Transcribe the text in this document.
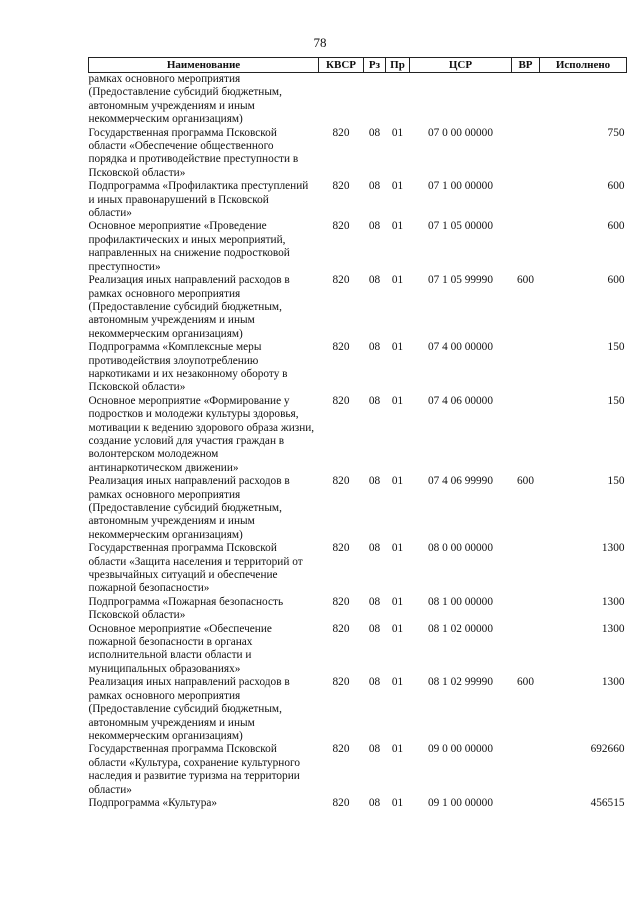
78
Наименование	КВСР	Рз	Пр	ЦСР	ВР	Исполнено
рамках основного мероприятия (Предоставление субсидий бюджетным, автономным учреждениям и иным некоммерческим организациям)						
Государственная программа Псковской области «Обеспечение общественного порядка и противодействие преступности в Псковской области»	820	08	01	07 0 00 00000		750
Подпрограмма «Профилактика преступлений и иных правонарушений в Псковской области»	820	08	01	07 1 00 00000		600
Основное мероприятие «Проведение профилактических и иных мероприятий, направленных на снижение подростковой преступности»	820	08	01	07 1 05 00000		600
Реализация иных направлений расходов в рамках основного мероприятия (Предоставление субсидий бюджетным, автономным учреждениям и иным некоммерческим организациям)	820	08	01	07 1 05 99990	600	600
Подпрограмма «Комплексные меры противодействия злоупотреблению наркотиками и их незаконному обороту в Псковской области»	820	08	01	07 4 00 00000		150
Основное мероприятие «Формирование у подростков и молодежи культуры здоровья, мотивации к ведению здорового образа жизни, создание условий для участия граждан в волонтерском молодежном антинаркотическом движении»	820	08	01	07 4 06 00000		150
Реализация иных направлений расходов в рамках основного мероприятия (Предоставление субсидий бюджетным, автономным учреждениям и иным некоммерческим организациям)	820	08	01	07 4 06 99990	600	150
Государственная программа Псковской области «Защита населения и территорий от чрезвычайных ситуаций и обеспечение пожарной безопасности»	820	08	01	08 0 00 00000		1300
Подпрограмма «Пожарная безопасность Псковской области»	820	08	01	08 1 00 00000		1300
Основное мероприятие «Обеспечение пожарной безопасности в органах исполнительной власти области и муниципальных образованиях»	820	08	01	08 1 02 00000		1300
Реализация иных направлений расходов в рамках основного мероприятия (Предоставление субсидий бюджетным, автономным учреждениям и иным некоммерческим организациям)	820	08	01	08 1 02 99990	600	1300
Государственная программа Псковской области «Культура, сохранение культурного наследия и развитие туризма на территории области»	820	08	01	09 0 00 00000		692660
Подпрограмма «Культура»	820	08	01	09 1 00 00000		456515
